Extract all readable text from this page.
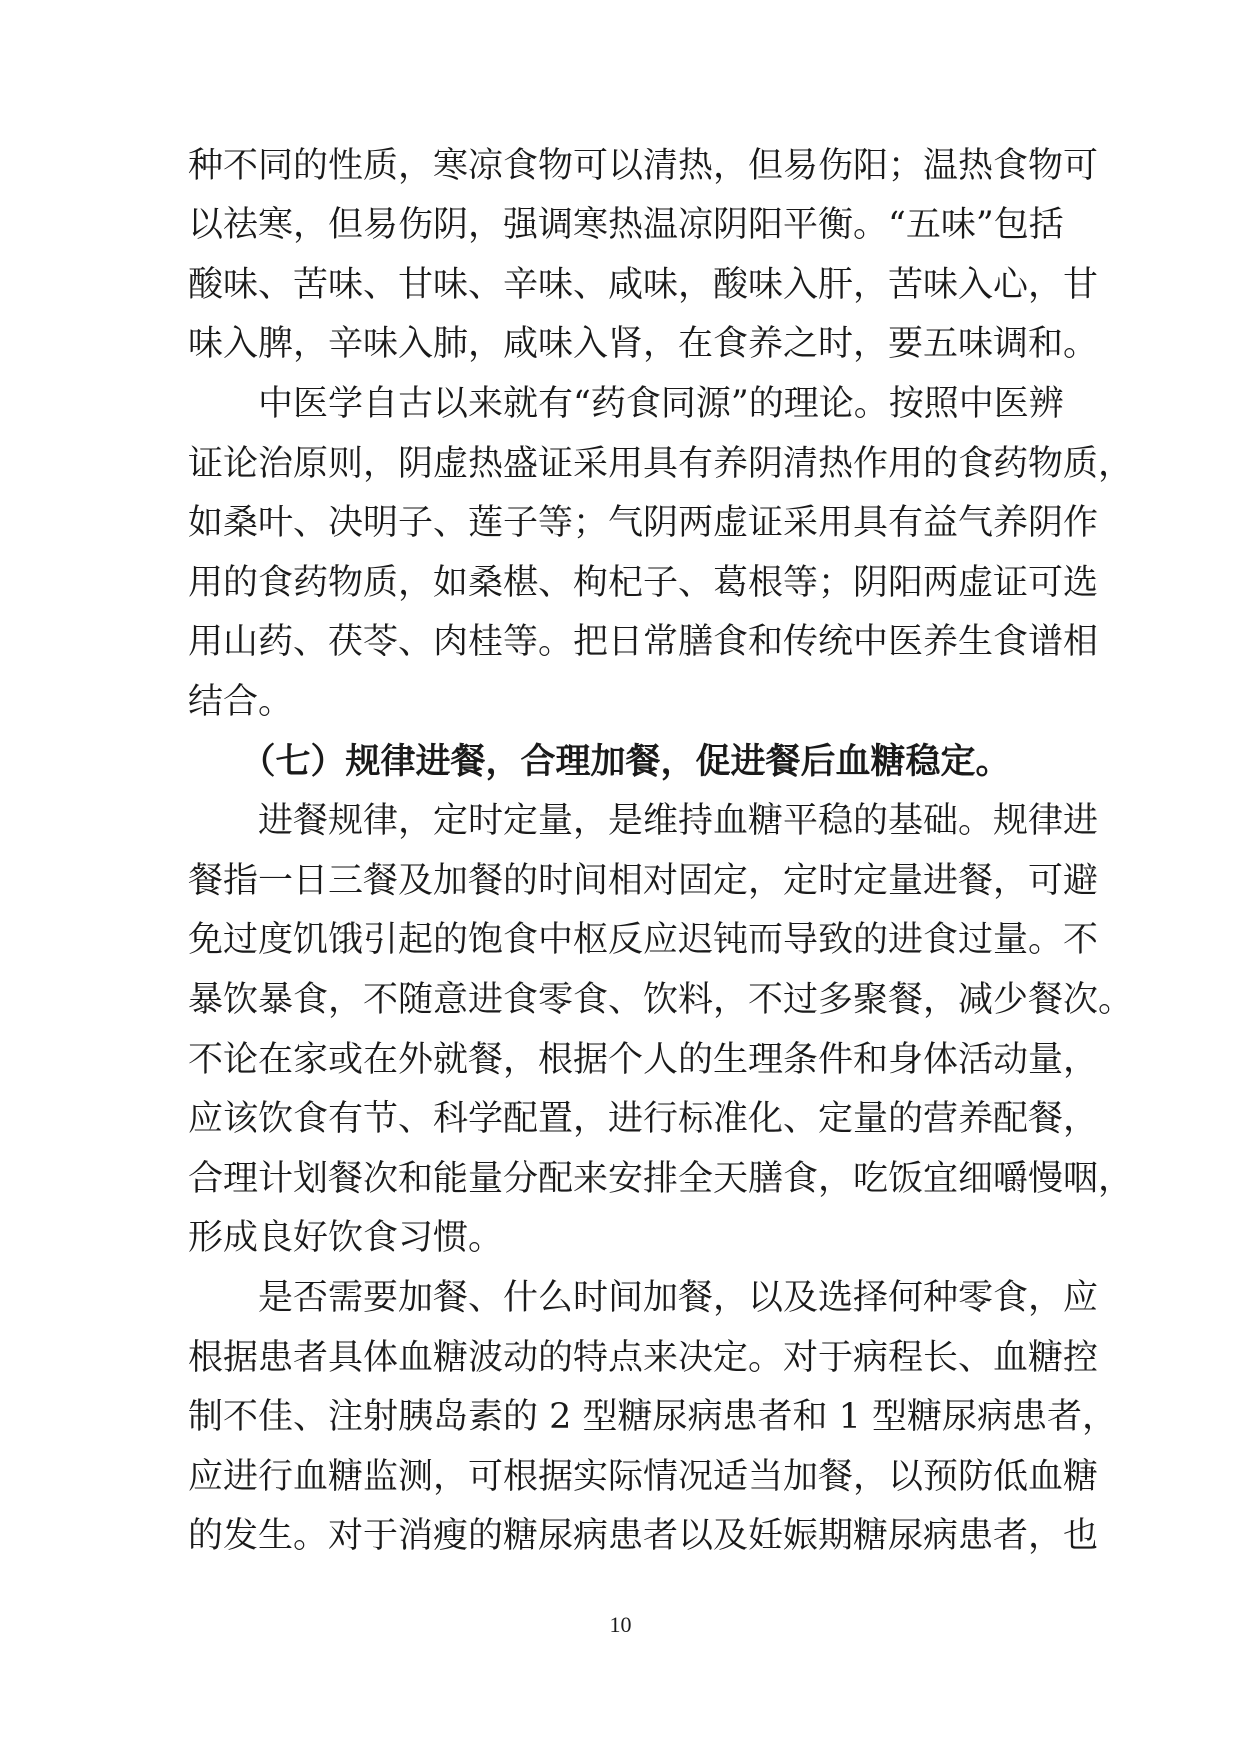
种不同的性质，寒凉食物可以清热，但易伤阳；温热食物可
以祛寒，但易伤阴，强调寒热温凉阴阳平衡。“五味”包括
酸味、苦味、甘味、辛味、咸味，酸味入肝，苦味入心，甘
味入脾，辛味入肺，咸味入肾，在食养之时，要五味调和。
　　中医学自古以来就有“药食同源”的理论。按照中医辨
证论治原则，阴虚热盛证采用具有养阴清热作用的食药物质，
如桑叶、决明子、莲子等；气阴两虚证采用具有益气养阴作
用的食药物质，如桑椹、枸杞子、葛根等；阴阳两虚证可选
用山药、茯苓、肉桂等。把日常膳食和传统中医养生食谱相
结合。
　　（七）规律进餐，合理加餐，促进餐后血糖稳定。
　　进餐规律，定时定量，是维持血糖平稳的基础。规律进
餐指一日三餐及加餐的时间相对固定，定时定量进餐，可避
免过度饥饿引起的饱食中枢反应迟钝而导致的进食过量。不
暴饮暴食，不随意进食零食、饮料，不过多聚餐，减少餐次。
不论在家或在外就餐，根据个人的生理条件和身体活动量，
应该饮食有节、科学配置，进行标准化、定量的营养配餐，
合理计划餐次和能量分配来安排全天膳食，吃饭宜细嚼慢咽，
形成良好饮食习惯。
　　是否需要加餐、什么时间加餐，以及选择何种零食，应
根据患者具体血糖波动的特点来决定。对于病程长、血糖控
制不佳、注射胰岛素的 2 型糖尿病患者和 1 型糖尿病患者，
应进行血糖监测，可根据实际情况适当加餐，以预防低血糖
的发生。对于消瘦的糖尿病患者以及妊娠期糖尿病患者，也
10
